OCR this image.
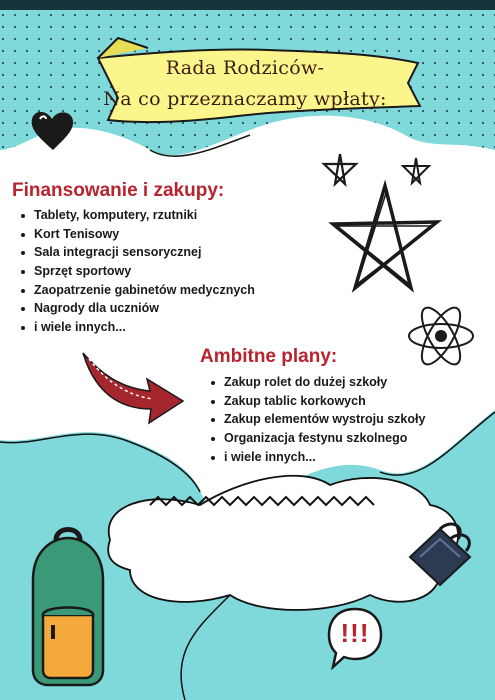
Rada Rodziców-
Na co przeznaczamy wpłaty:
Finansowanie i zakupy:
Tablety, komputery, rzutniki
Kort Tenisowy
Sala integracji sensorycznej
Sprzęt sportowy
Zaopatrzenie gabinetów medycznych
Nagrody dla uczniów
i wiele innych...
Ambitne plany:
Zakup rolet do dużej szkoły
Zakup tablic korkowych
Zakup elementów wystroju szkoły
Organizacja festynu szkolnego
i wiele innych...
!!!
